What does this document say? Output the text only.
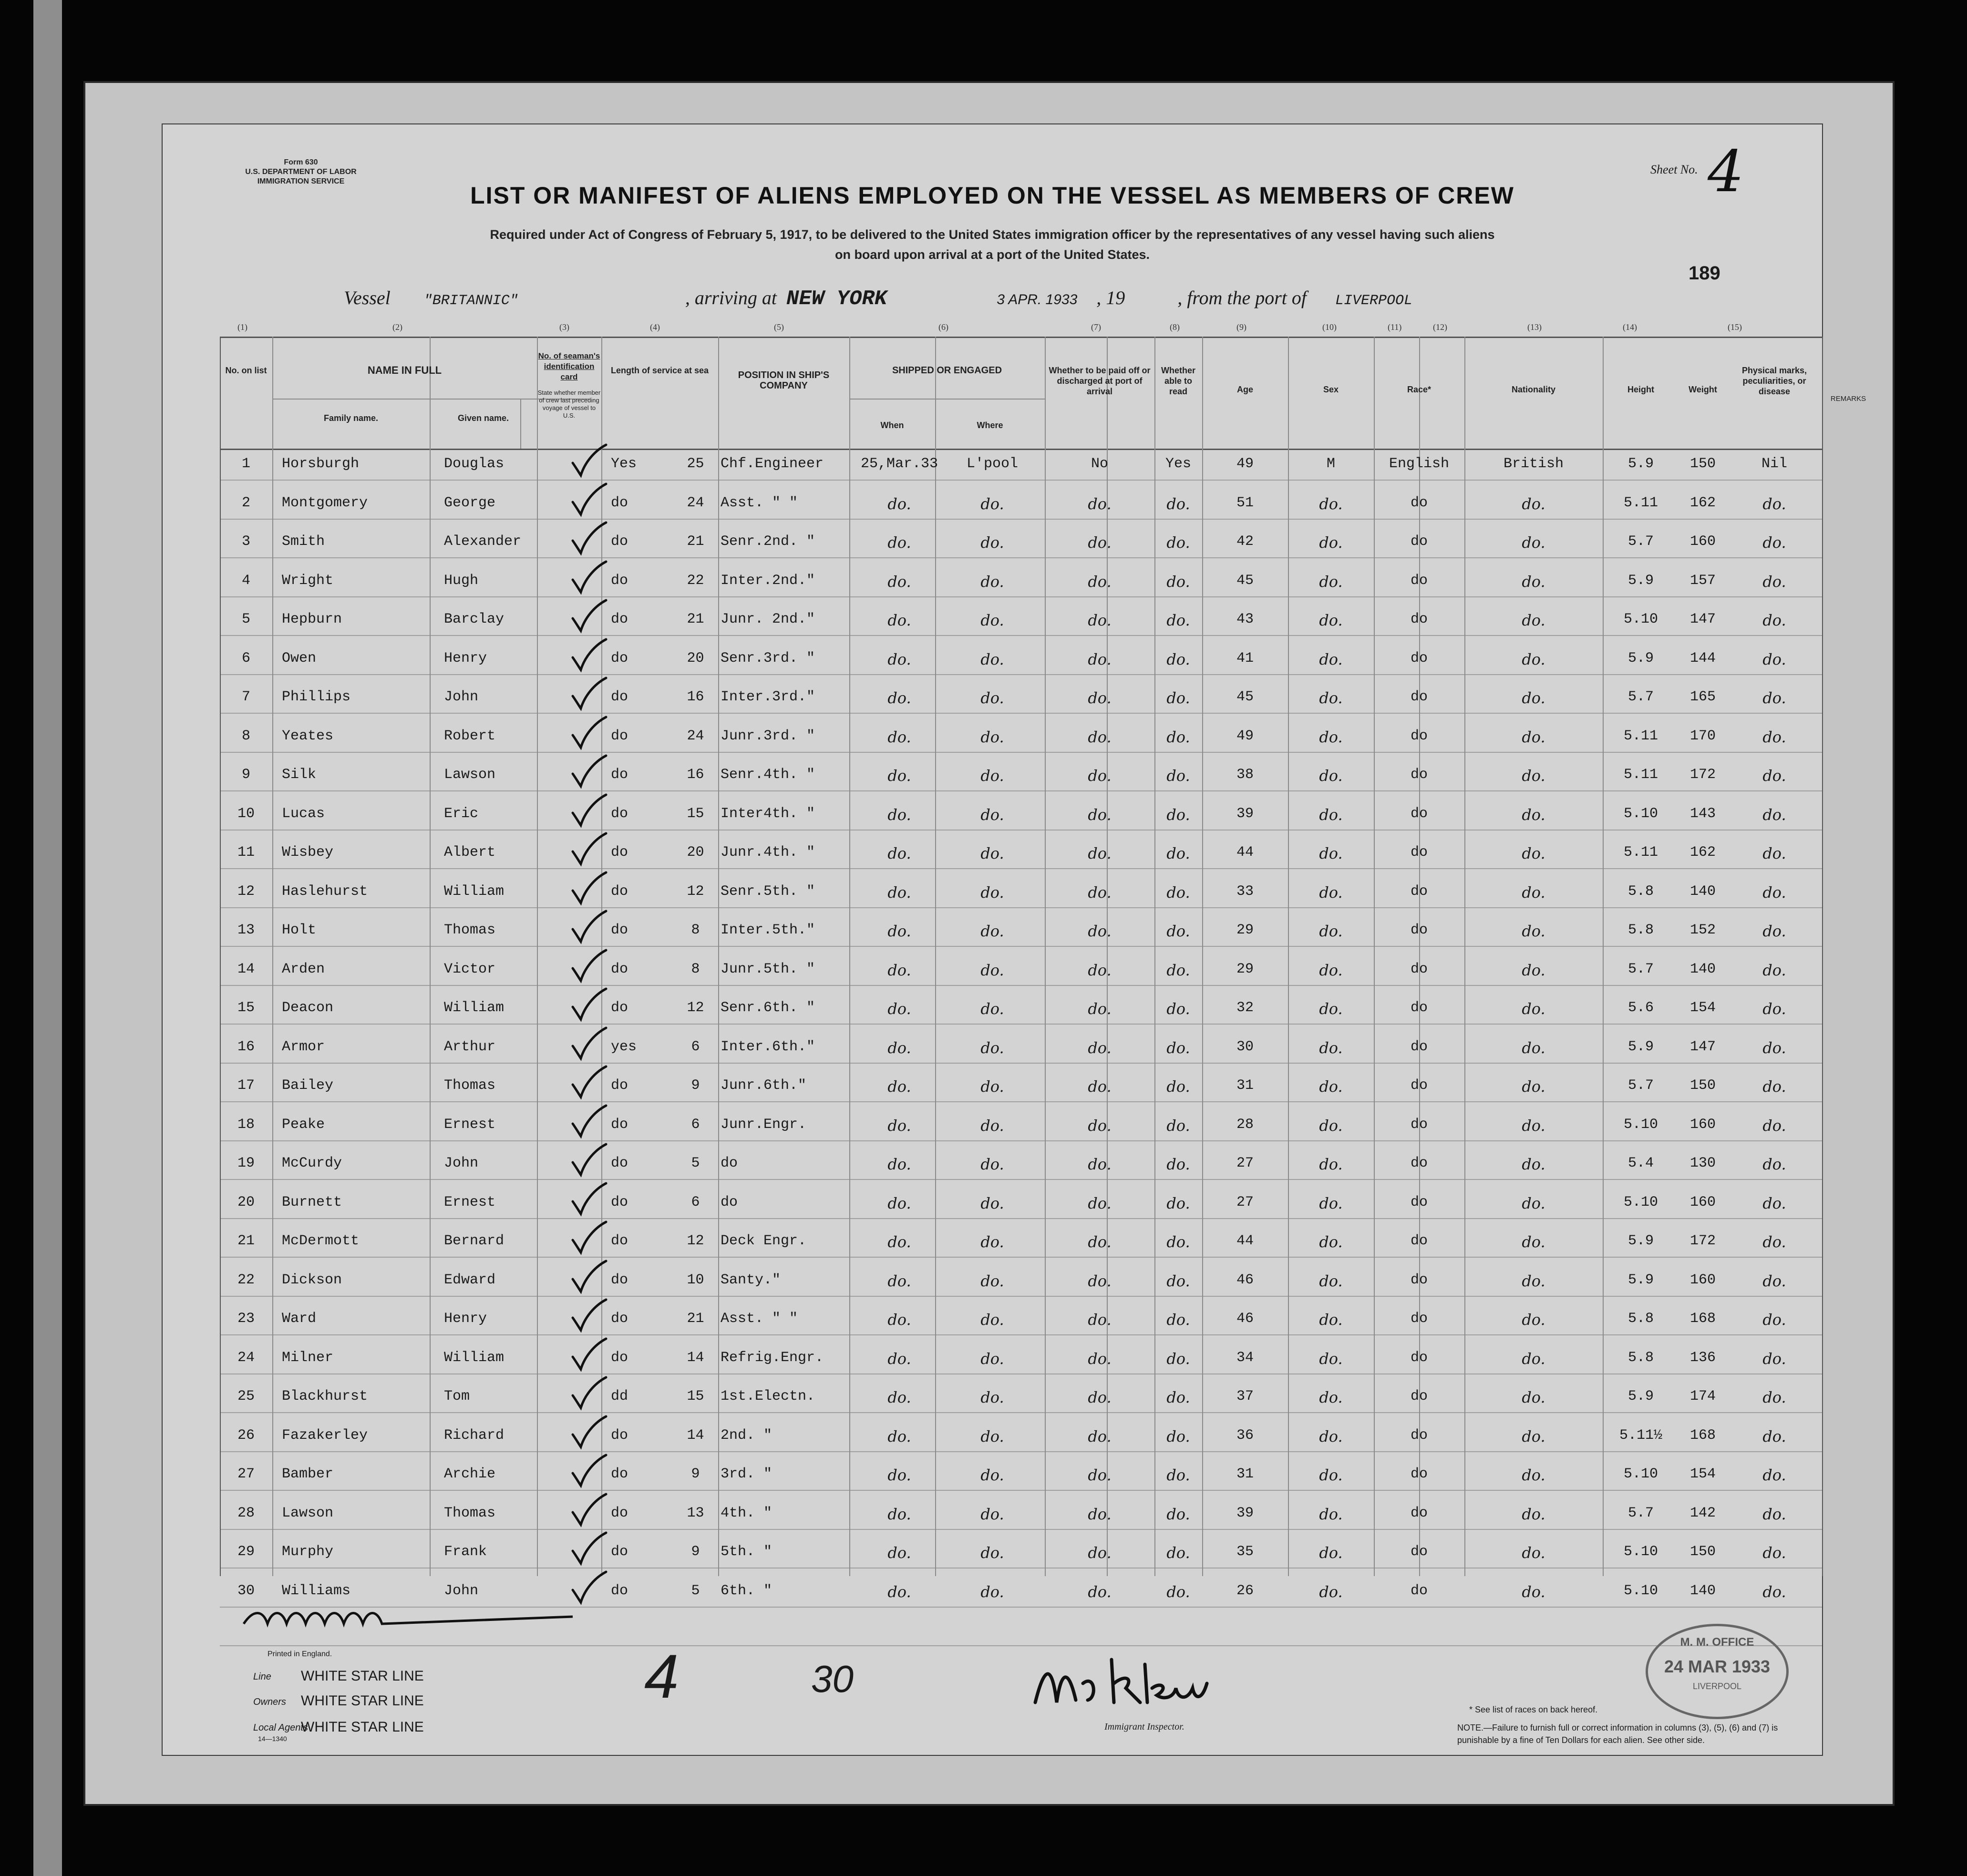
Form 630
U.S. DEPARTMENT OF LABOR
IMMIGRATION SERVICE
Sheet No. 4
LIST OR MANIFEST OF ALIENS EMPLOYED ON THE VESSEL AS MEMBERS OF CREW
Required under Act of Congress of February 5, 1917, to be delivered to the United States immigration officer by the representatives of any vessel having such aliens
on board upon arrival at a port of the United States.
189
Vessel "BRITANNIC"	, arriving at NEW YORK	3 APR. 1933 , 19	, from the port of LIVERPOOL
(1)	(2)	(3)	(4)	(5)	(6)	(7)	(8)	(9)	(10)	(11)	(12)	(13)	(14)	(15)
No. on list	NAME IN FULL
Family name.	Given name.
No. of seaman's identification card
State whether member of crew last preceding voyage of vessel to U.S.
Length of service at sea	POSITION IN SHIP'S COMPANY
SHIPPED OR ENGAGED
When	Where
Whether to be paid off or discharged at port of arrival
Whether able to read	Age	Sex	Race*	Nationality	Height	Weight
Physical marks, peculiarities, or disease
1	Horsburgh	Douglas	Yes	25	Chf.Engineer	25,Mar.33	L'pool	No	Yes	49	M	English	British	5.9	150	Nil
2	Montgomery	George	do	24	Asst. " "	do.	do.	do.	do.	51	do.	do	do.	5.11	162	do.
3	Smith	Alexander	do	21	Senr.2nd. "	do.	do.	do.	do.	42	do.	do	do.	5.7	160	do.
4	Wright	Hugh	do	22	Inter.2nd."	do.	do.	do.	do.	45	do.	do	do.	5.9	157	do.
5	Hepburn	Barclay	do	21	Junr. 2nd."	do.	do.	do.	do.	43	do.	do	do.	5.10	147	do.
6	Owen	Henry	do	20	Senr.3rd. "	do.	do.	do.	do.	41	do.	do	do.	5.9	144	do.
7	Phillips	John	do	16	Inter.3rd."	do.	do.	do.	do.	45	do.	do	do.	5.7	165	do.
8	Yeates	Robert	do	24	Junr.3rd. "	do.	do.	do.	do.	49	do.	do	do.	5.11	170	do.
9	Silk	Lawson	do	16	Senr.4th. "	do.	do.	do.	do.	38	do.	do	do.	5.11	172	do.
10	Lucas	Eric	do	15	Inter4th. "	do.	do.	do.	do.	39	do.	do	do.	5.10	143	do.
11	Wisbey	Albert	do	20	Junr.4th. "	do.	do.	do.	do.	44	do.	do	do.	5.11	162	do.
12	Haslehurst	William	do	12	Senr.5th. "	do.	do.	do.	do.	33	do.	do	do.	5.8	140	do.
13	Holt	Thomas	do	8	Inter.5th."	do.	do.	do.	do.	29	do.	do	do.	5.8	152	do.
14	Arden	Victor	do	8	Junr.5th. "	do.	do.	do.	do.	29	do.	do	do.	5.7	140	do.
15	Deacon	William	do	12	Senr.6th. "	do.	do.	do.	do.	32	do.	do	do.	5.6	154	do.
16	Armor	Arthur	yes	6	Inter.6th."	do.	do.	do.	do.	30	do.	do	do.	5.9	147	do.
17	Bailey	Thomas	do	9	Junr.6th."	do.	do.	do.	do.	31	do.	do	do.	5.7	150	do.
18	Peake	Ernest	do	6	Junr.Engr.	do.	do.	do.	do.	28	do.	do	do.	5.10	160	do.
19	McCurdy	John	do	5	do	do.	do.	do.	do.	27	do.	do	do.	5.4	130	do.
20	Burnett	Ernest	do	6	do	do.	do.	do.	do.	27	do.	do	do.	5.10	160	do.
21	McDermott	Bernard	do	12	Deck Engr.	do.	do.	do.	do.	44	do.	do	do.	5.9	172	do.
22	Dickson	Edward	do	10	Santy."	do.	do.	do.	do.	46	do.	do	do.	5.9	160	do.
23	Ward	Henry	do	21	Asst. " "	do.	do.	do.	do.	46	do.	do	do.	5.8	168	do.
24	Milner	William	do	14	Refrig.Engr.	do.	do.	do.	do.	34	do.	do	do.	5.8	136	do.
25	Blackhurst	Tom	dd	15	1st.Electn.	do.	do.	do.	do.	37	do.	do	do.	5.9	174	do.
26	Fazakerley	Richard	do	14	2nd. "	do.	do.	do.	do.	36	do.	do	do.	5.11½	168	do.
27	Bamber	Archie	do	9	3rd. "	do.	do.	do.	do.	31	do.	do	do.	5.10	154	do.
28	Lawson	Thomas	do	13	4th. "	do.	do.	do.	do.	39	do.	do	do.	5.7	142	do.
29	Murphy	Frank	do	9	5th. "	do.	do.	do.	do.	35	do.	do	do.	5.10	150	do.
30	Williams	John	do	5	6th. "	do.	do.	do.	do.	26	do.	do	do.	5.10	140	do.
REMARKS
Printed in England.
Line WHITE STAR LINE
Owners WHITE STAR LINE
Local Agents
14—1340
WHITE STAR LINE
4	30
Immigrant Inspector.
* See list of races on back hereof.
NOTE.—Failure to furnish full or correct information in columns (3), (5), (6) and (7) is punishable by a fine of Ten Dollars for each alien. See other side.
M. M. OFFICE
24 MAR 1933
LIVERPOOL
